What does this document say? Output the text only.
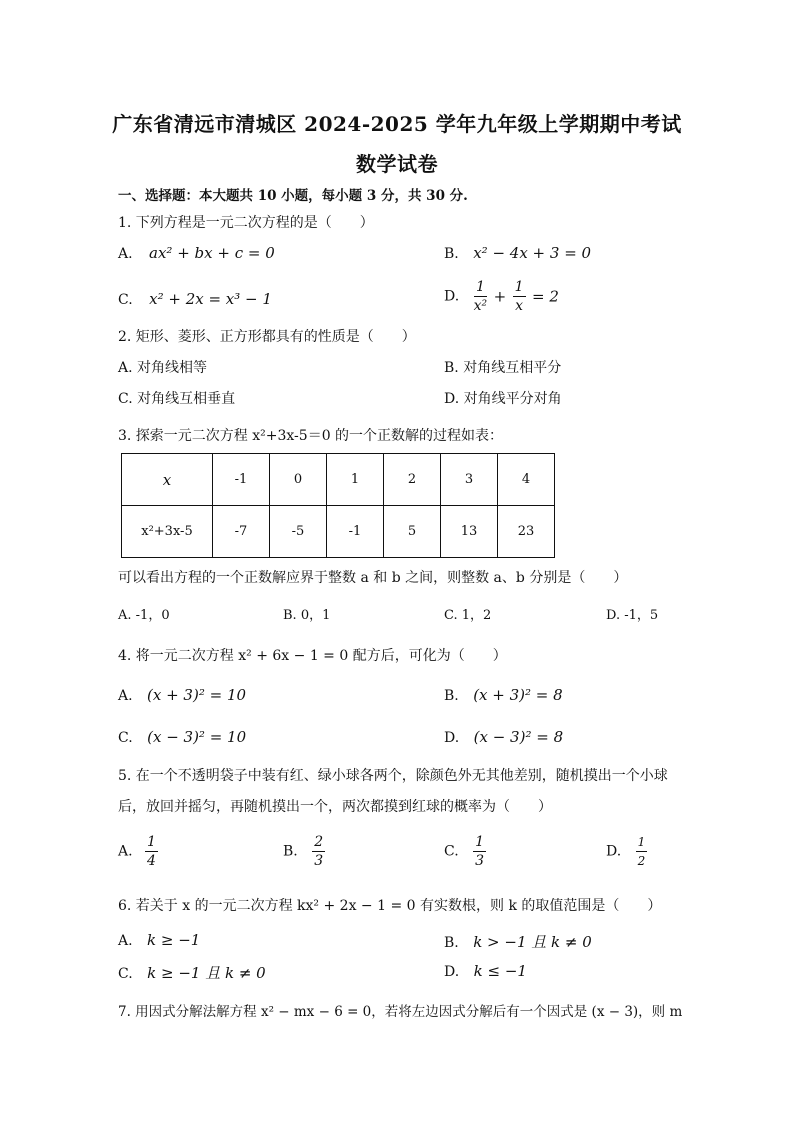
广东省清远市清城区 2024-2025 学年九年级上学期期中考试
数学试卷
一、选择题：本大题共 10 小题，每小题 3 分，共 30 分.
1. 下列方程是一元二次方程的是（　　）
A. ax² + bx + c = 0	B. x² − 4x + 3 = 0
C. x² + 2x = x³ − 1	D. $\frac{1}{\text{x²}} + \frac{1}{x} = 2$
2. 矩形、菱形、正方形都具有的性质是（　　）
A. 对角线相等	B. 对角线互相平分
C. 对角线互相垂直	D. 对角线平分对角
3. 探索一元二次方程 x²+3x-5＝0 的一个正数解的过程如表：
x	-1	0	1	2	3	4
x²+3x-5	-7	-5	-1	5	13	23
可以看出方程的一个正数解应界于整数 a 和 b 之间，则整数 a、b 分别是（　　）
A. -1，0	B. 0，1	C. 1，2	D. -1，5
4. 将一元二次方程 x² + 6x − 1 = 0 配方后，可化为（　　）
A. (x + 3)² = 10	B. (x + 3)² = 8
C. (x − 3)² = 10	D. (x − 3)² = 8
5. 在一个不透明袋子中装有红、绿小球各两个，除颜色外无其他差别，随机摸出一个小球
后，放回并摇匀，再随机摸出一个，两次都摸到红球的概率为（　　）
A. $\frac{1}{4}$	B. $\frac{2}{3}$	C. $\frac{1}{3}$	D. $\frac{1}{2}$
6. 若关于 x 的一元二次方程 kx² + 2x − 1 = 0 有实数根，则 k 的取值范围是（　　）
A. k ≥ −1	B. k > −1 且 k ≠ 0
C. k ≥ −1 且 k ≠ 0	D. k ≤ −1
7. 用因式分解法解方程 x² − mx − 6 = 0，若将左边因式分解后有一个因式是 (x − 3)，则 m
